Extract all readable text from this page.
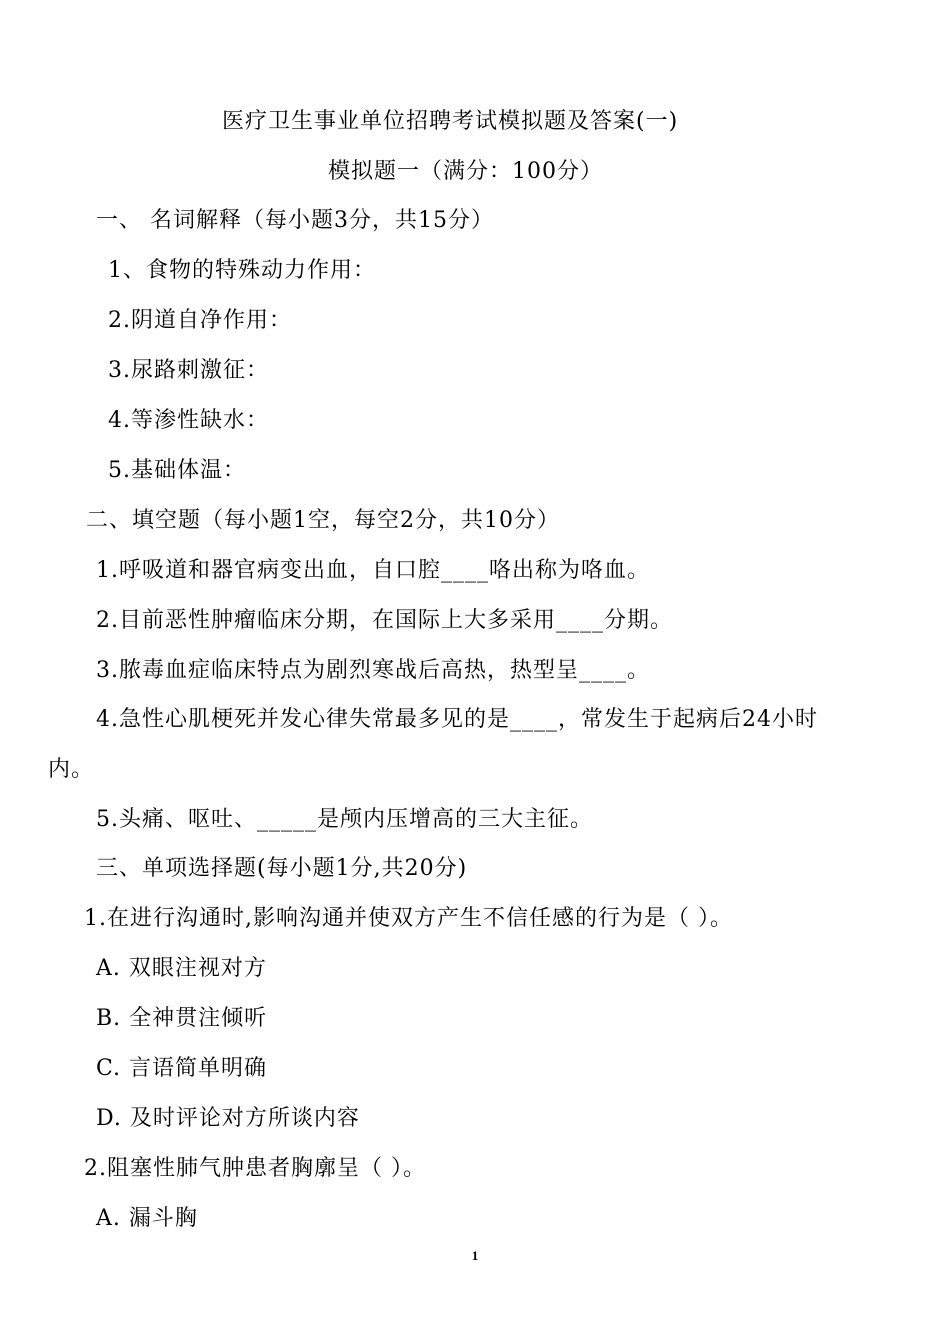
医疗卫生事业单位招聘考试模拟题及答案(一)
模拟题一（满分：100分）
一、 名词解释（每小题3分，共15分）
1、食物的特殊动力作用：
2.阴道自净作用：
3.尿路刺激征：
4.等渗性缺水：
5.基础体温：
二、填空题（每小题1空，每空2分，共10分）
1.呼吸道和器官病变出血，自口腔____咯出称为咯血。
2.目前恶性肿瘤临床分期，在国际上大多采用____分期。
3.脓毒血症临床特点为剧烈寒战后高热，热型呈____。
4.急性心肌梗死并发心律失常最多见的是____，常发生于起病后24小时
内。
5.头痛、呕吐、_____是颅内压增高的三大主征。
三、单项选择题(每小题1分,共20分)
1.在进行沟通时,影响沟通并使双方产生不信任感的行为是（ ）。
A. 双眼注视对方
B. 全神贯注倾听
C. 言语简单明确
D. 及时评论对方所谈内容
2.阻塞性肺气肿患者胸廓呈（ ）。
A. 漏斗胸
1
